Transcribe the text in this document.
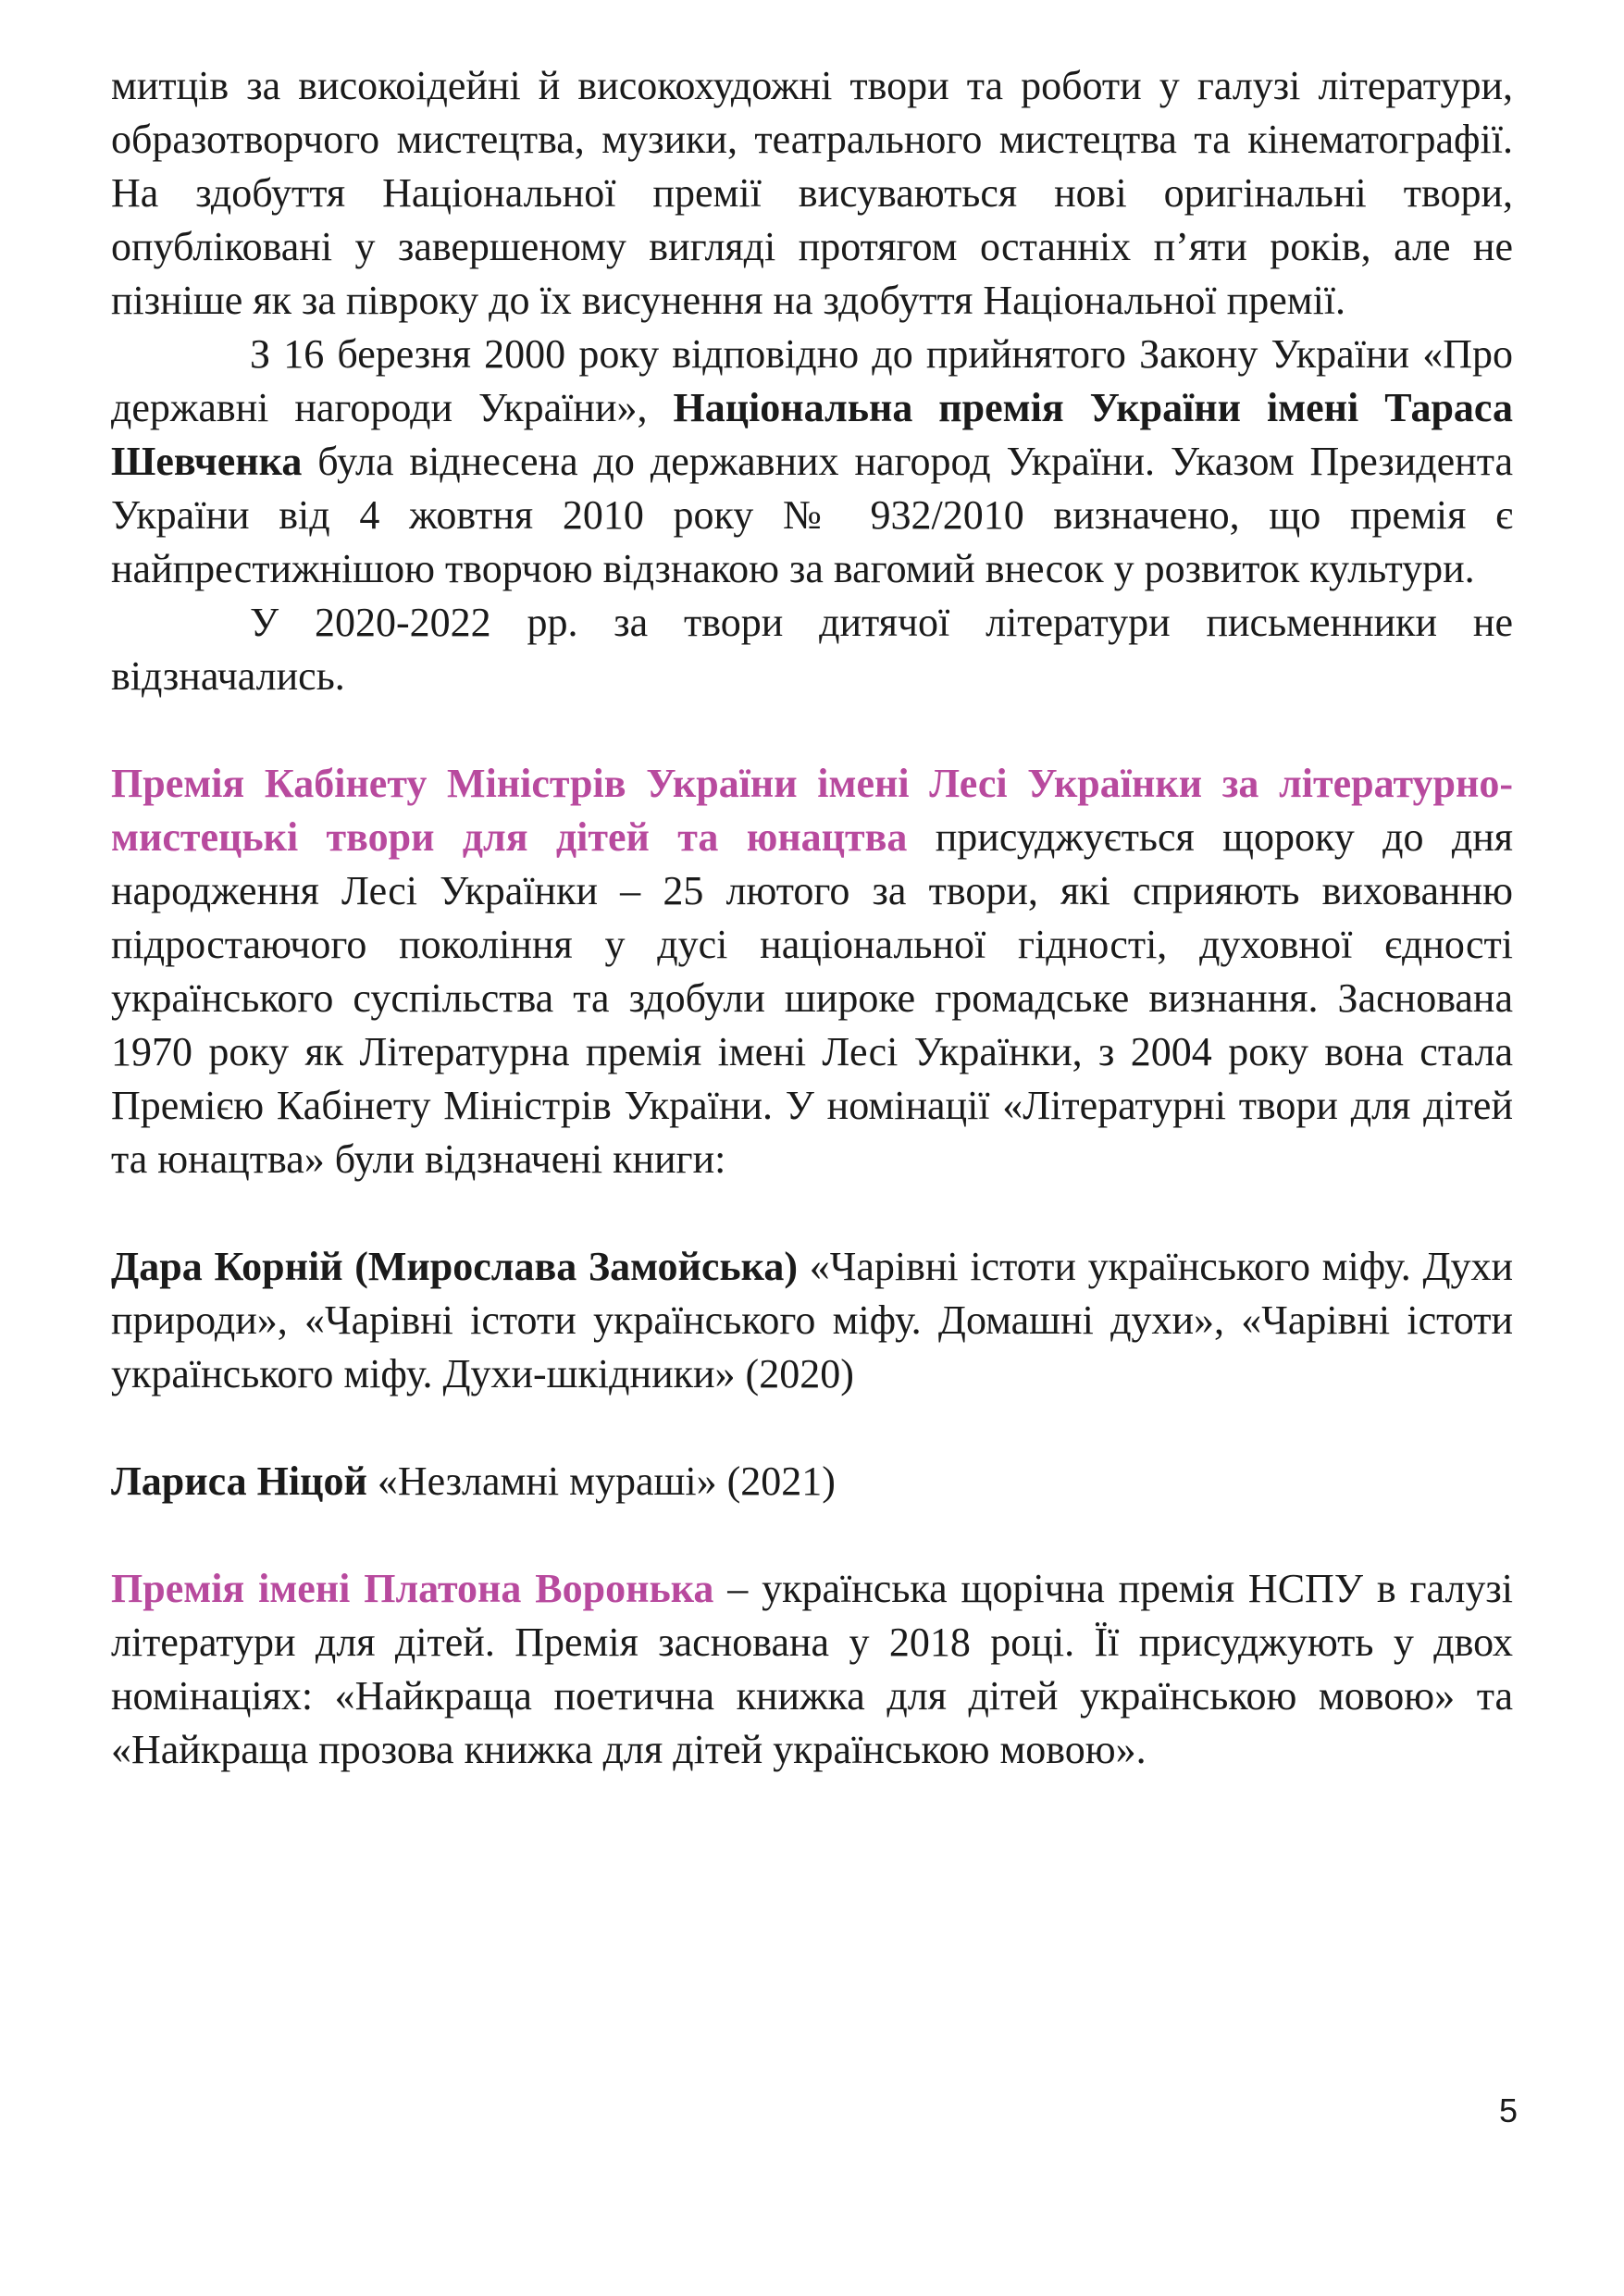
митців за високоідейні й високохудожні твори та роботи у галузі літератури, образотворчого мистецтва, музики, театрального мистецтва та кінематографії. На здобуття Національної премії висуваються нові оригінальні твори, опубліковані у завершеному вигляді протягом останніх п’яти років, але не пізніше як за півроку до їх висунення на здобуття Національної премії.

З 16 березня 2000 року відповідно до прийнятого Закону України «Про державні нагороди України», Національна премія України імені Тараса Шевченка була віднесена до державних нагород України. Указом Президента України від 4 жовтня 2010 року № 932/2010 визначено, що премія є найпрестижнішою творчою відзнакою за вагомий внесок у розвиток культури.

У 2020-2022 рр. за твори дитячої літератури письменники не відзначались.

Премія Кабінету Міністрів України імені Лесі Українки за літературно-мистецькі твори для дітей та юнацтва присуджується щороку до дня народження Лесі Українки – 25 лютого за твори, які сприяють вихованню підростаючого покоління у дусі національної гідності, духовної єдності українського суспільства та здобули широке громадське визнання. Заснована 1970 року як Літературна премія імені Лесі Українки, з 2004 року вона стала Премією Кабінету Міністрів України. У номінації «Літературні твори для дітей та юнацтва» були відзначені книги:

Дара Корній (Мирослава Замойська) «Чарівні істоти українського міфу. Духи природи», «Чарівні істоти українського міфу. Домашні духи», «Чарівні істоти українського міфу. Духи-шкідники» (2020)

Лариса Ніцой «Незламні мураші» (2021)

Премія імені Платона Воронька – українська щорічна премія НСПУ в галузі літератури для дітей. Премія заснована у 2018 році. Її присуджують у двох номінаціях: «Найкраща поетична книжка для дітей українською мовою» та «Найкраща прозова книжка для дітей українською мовою».

5
